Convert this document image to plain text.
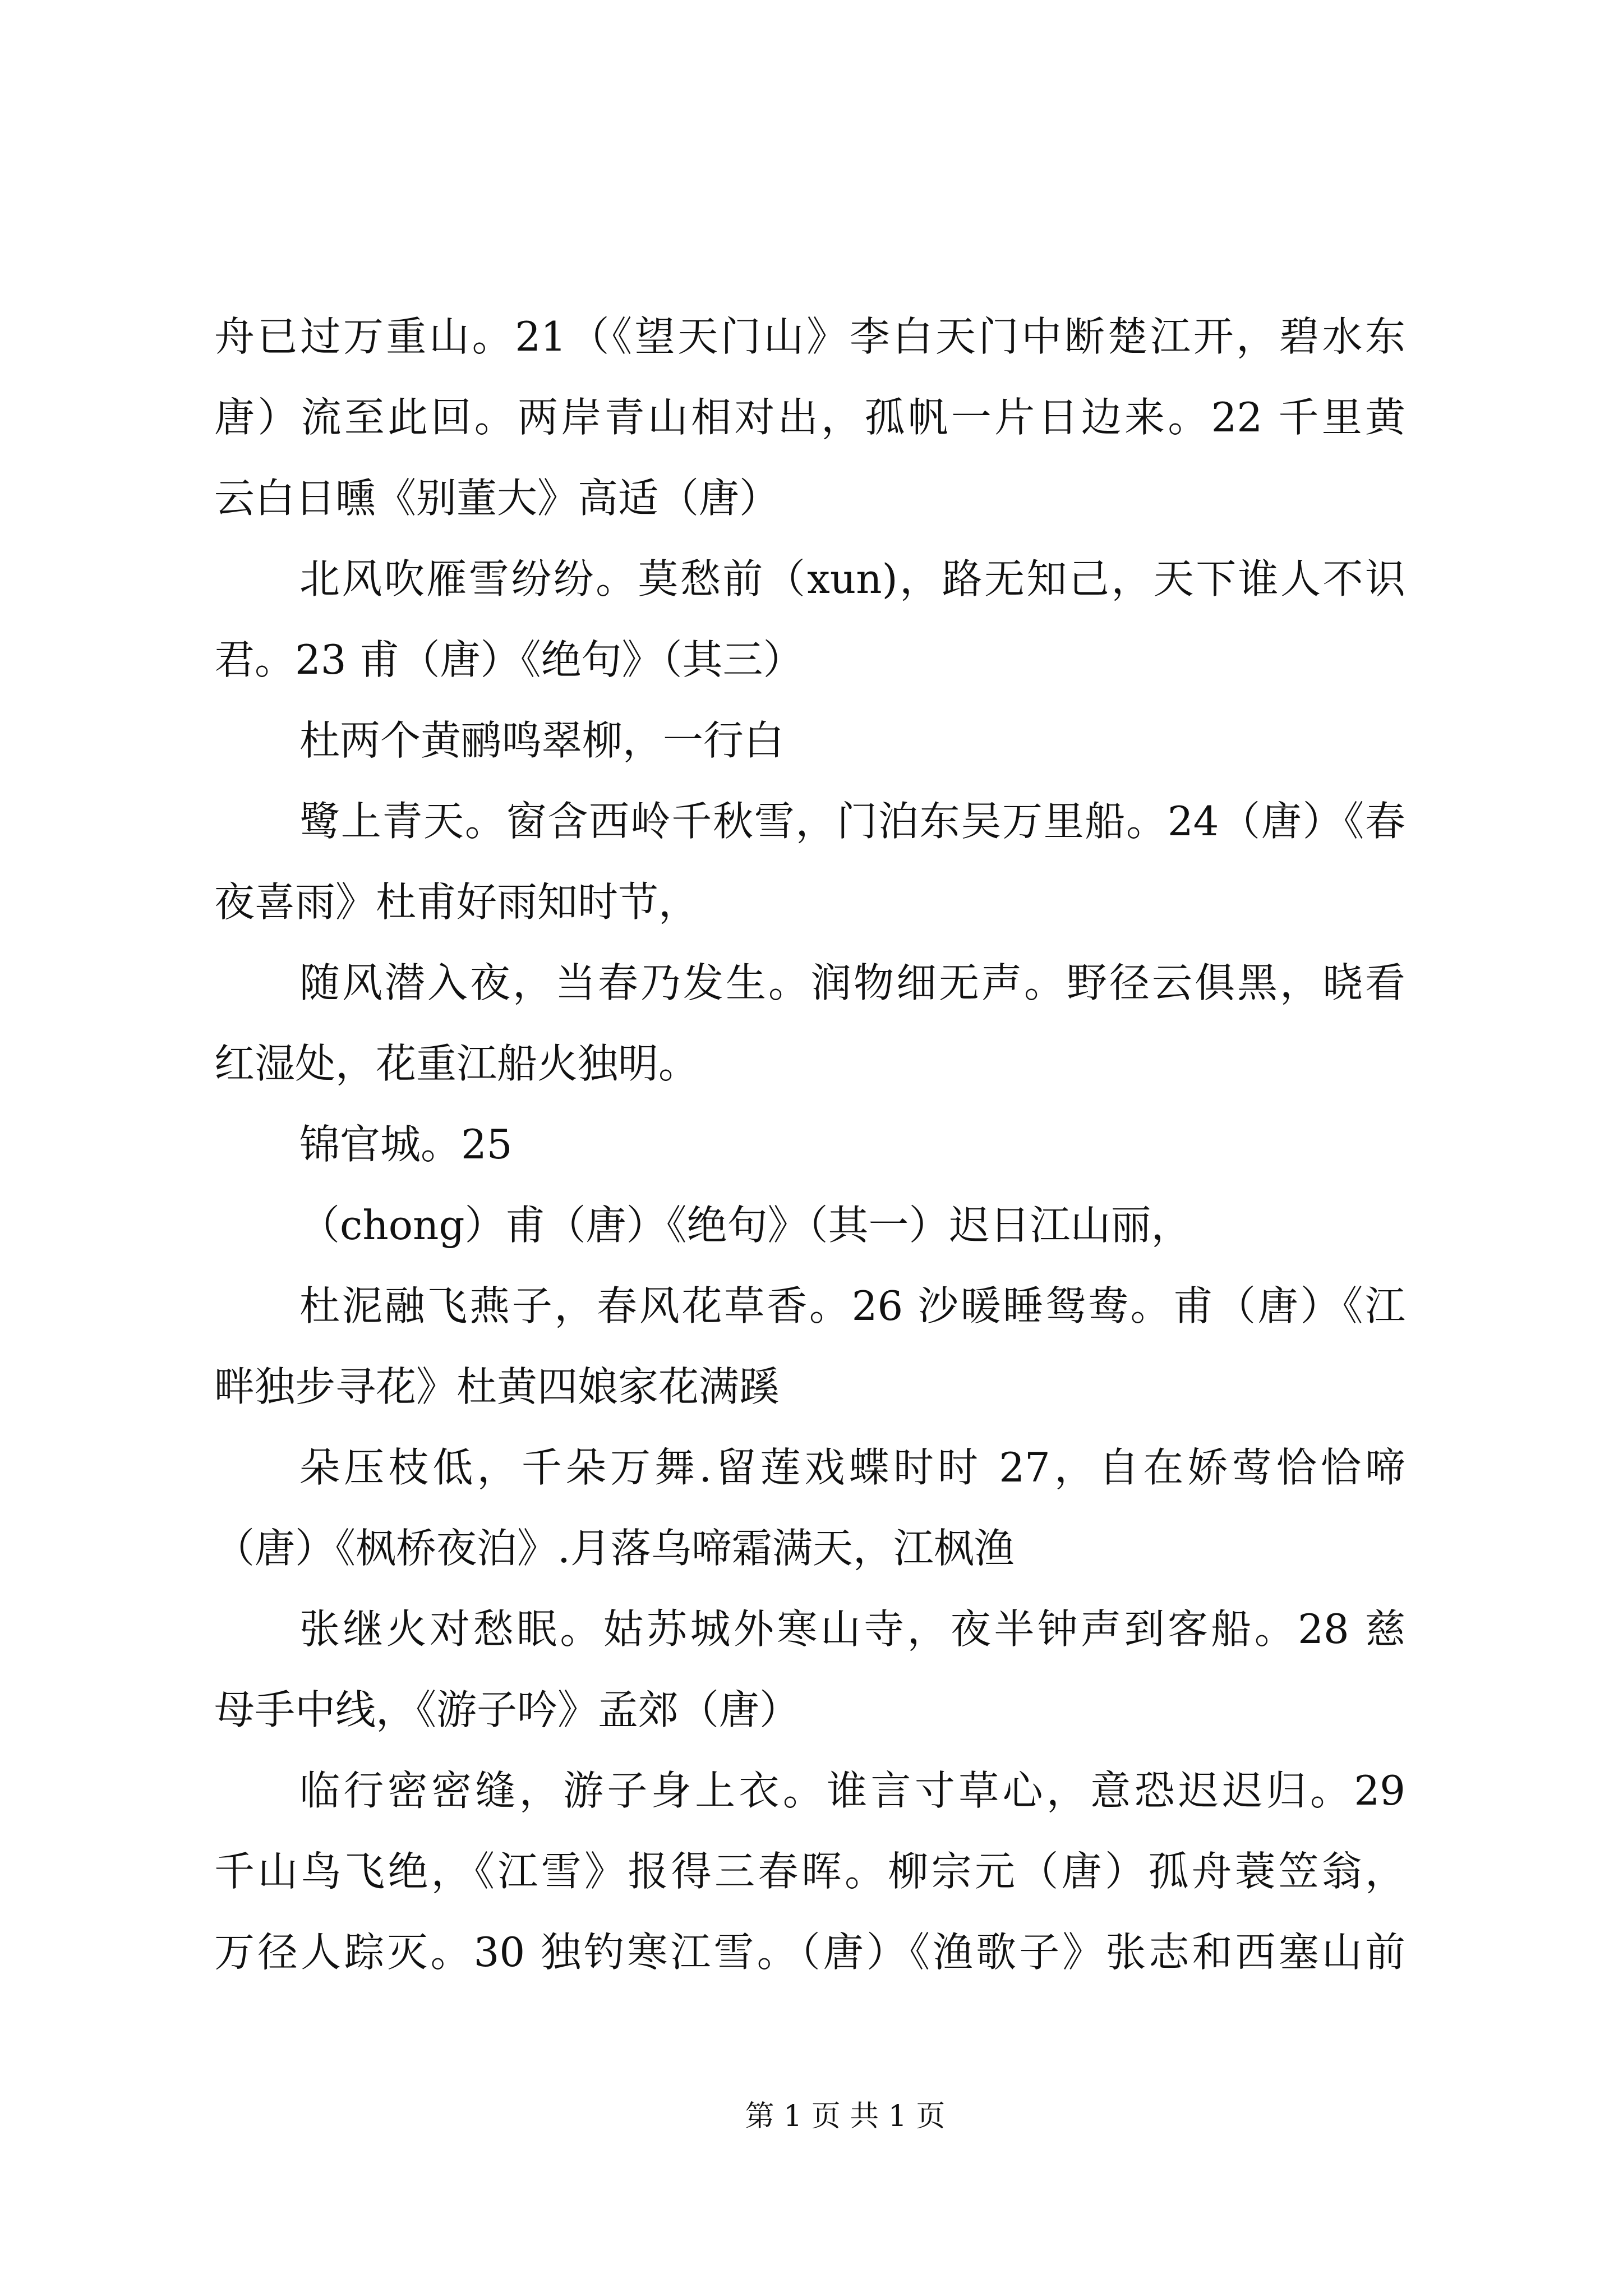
舟已过万重山。21（《望天门山》李白天门中断楚江开，碧水东
唐）流至此回。两岸青山相对出，孤帆一片日边来。22 千里黄
云白日曛《别董大》高适（唐）
北风吹雁雪纷纷。莫愁前（xun)，路无知己，天下谁人不识
君。23 甫（唐）《绝句》（其三）
杜两个黄鹂鸣翠柳，一行白
鹭上青天。窗含西岭千秋雪，门泊东吴万里船。24（唐）《春
夜喜雨》杜甫好雨知时节，
随风潜入夜，当春乃发生。润物细无声。野径云俱黑，晓看
红湿处，花重江船火独明。
锦官城。25
（chong）甫（唐）《绝句》（其一）迟日江山丽，
杜泥融飞燕子，春风花草香。26 沙暖睡鸳鸯。甫（唐）《江
畔独步寻花》杜黄四娘家花满蹊
朵压枝低，千朵万舞.留莲戏蝶时时 27，自在娇莺恰恰啼
（唐）《枫桥夜泊》.月落乌啼霜满天，江枫渔
张继火对愁眠。姑苏城外寒山寺，夜半钟声到客船。28 慈
母手中线，《游子吟》孟郊（唐）
临行密密缝，游子身上衣。谁言寸草心，意恐迟迟归。29
千山鸟飞绝，《江雪》报得三春晖。柳宗元（唐）孤舟蓑笠翁，
万径人踪灭。30 独钓寒江雪。（唐）《渔歌子》张志和西塞山前
第 1 页 共 1 页
